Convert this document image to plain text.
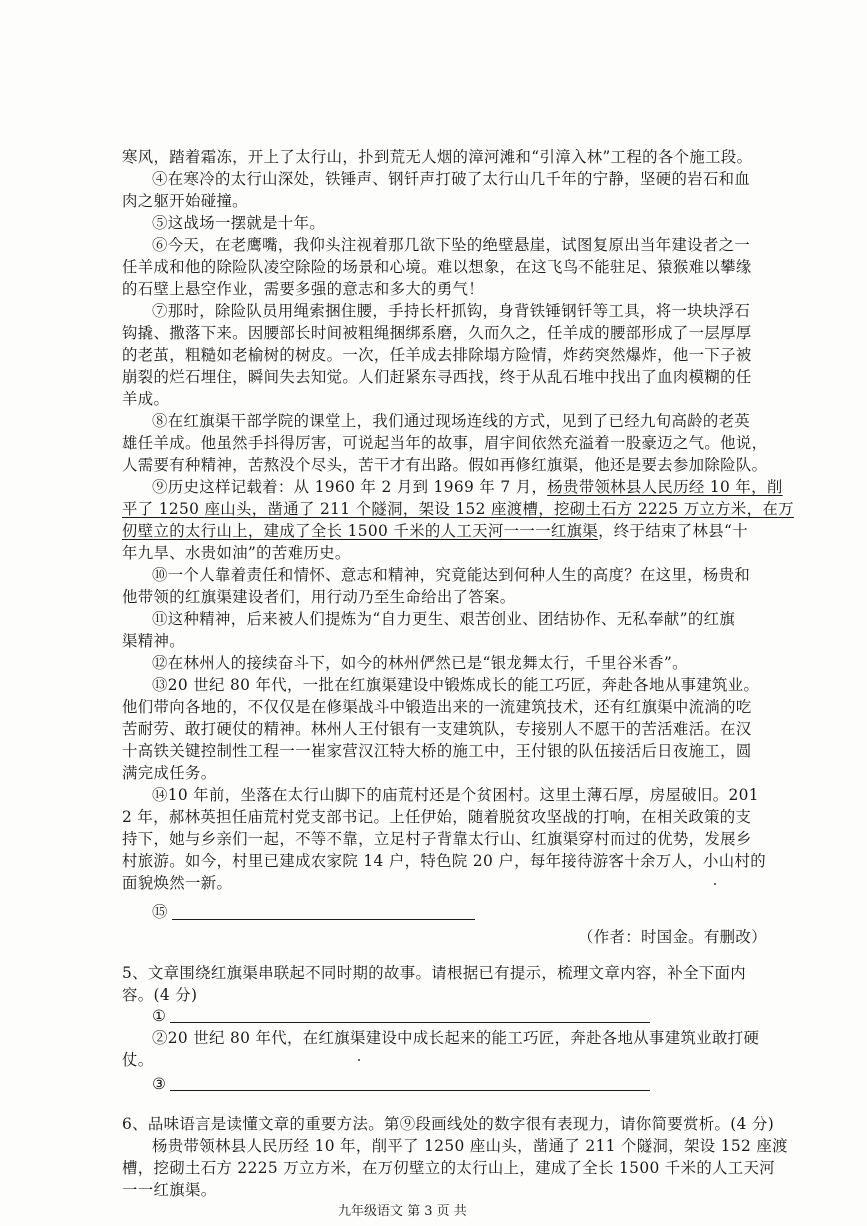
寒风，踏着霜冻，开上了太行山，扑到荒无人烟的漳河滩和“引漳入林”工程的各个施工段。
④在寒冷的太行山深处，铁锤声、钢钎声打破了太行山几千年的宁静，坚硬的岩石和血
肉之躯开始碰撞。
⑤这战场一摆就是十年。
⑥今天，在老鹰嘴，我仰头注视着那几欲下坠的绝壁悬崖，试图复原出当年建设者之一
任羊成和他的除险队凌空除险的场景和心境。难以想象，在这飞鸟不能驻足、猿猴难以攀缘
的石壁上悬空作业，需要多强的意志和多大的勇气！
⑦那时，除险队员用绳索捆住腰，手持长杆抓钩，身背铁锤钢钎等工具，将一块块浮石
钩撬、撒落下来。因腰部长时间被粗绳捆绑系磨，久而久之，任羊成的腰部形成了一层厚厚
的老茧，粗糙如老榆树的树皮。一次，任羊成去排除塌方险情，炸药突然爆炸，他一下子被
崩裂的烂石埋住，瞬间失去知觉。人们赶紧东寻西找，终于从乱石堆中找出了血肉模糊的任
羊成。
⑧在红旗渠干部学院的课堂上，我们通过现场连线的方式，见到了已经九旬高龄的老英
雄任羊成。他虽然手抖得厉害，可说起当年的故事，眉宇间依然充溢着一股豪迈之气。他说，
人需要有种精神，苦熬没个尽头，苦干才有出路。假如再修红旗渠，他还是要去参加除险队。
⑨历史这样记载着：从 1960 年 2 月到 1969 年 7 月，杨贵带领林县人民历经 10 年，削
平了 1250 座山头，凿通了 211 个隧洞，架设 152 座渡槽，挖砌土石方 2225 万立方米，在万
仞壁立的太行山上，建成了全长 1500 千米的人工天河一一一红旗渠，终于结束了林县“十
年九旱、水贵如油”的苦难历史。
⑩一个人靠着责任和情怀、意志和精神，究竟能达到何种人生的高度？在这里，杨贵和
他带领的红旗渠建设者们，用行动乃至生命给出了答案。
⑪这种精神，后来被人们提炼为“自力更生、艰苦创业、团结协作、无私奉献”的红旗
渠精神。
⑫在林州人的接续奋斗下，如今的林州俨然已是“银龙舞太行，千里谷米香”。
⑬20 世纪 80 年代，一批在红旗渠建设中锻炼成长的能工巧匠，奔赴各地从事建筑业。
他们带向各地的，不仅仅是在修渠战斗中锻造出来的一流建筑技术，还有红旗渠中流淌的吃
苦耐劳、敢打硬仗的精神。林州人王付银有一支建筑队，专接别人不愿干的苦活难活。在汉
十高铁关键控制性工程一一崔家营汉江特大桥的施工中，王付银的队伍接活后日夜施工，圆
满完成任务。
⑭10 年前，坐落在太行山脚下的庙荒村还是个贫困村。这里土薄石厚，房屋破旧。201
2 年，郝林英担任庙荒村党支部书记。上任伊始，随着脱贫攻坚战的打响，在相关政策的支
持下，她与乡亲们一起，不等不靠，立足村子背靠太行山、红旗渠穿村而过的优势，发展乡
村旅游。如今，村里已建成农家院 14 户，特色院 20 户，每年接待游客十余万人，小山村的
面貌焕然一新。
⑮
（作者：时国金。有删改）
5、文章围绕红旗渠串联起不同时期的故事。请根据已有提示，梳理文章内容，补全下面内
容。(4 分)
①
②20 世纪 80 年代，在红旗渠建设中成长起来的能工巧匠，奔赴各地从事建筑业敢打硬
仗。
③
6、品味语言是读懂文章的重要方法。第⑨段画线处的数字很有表现力，请你简要赏析。(4 分)
杨贵带领林县人民历经 10 年，削平了 1250 座山头，凿通了 211 个隧洞，架设 152 座渡
槽，挖砌土石方 2225 万立方米，在万仞壁立的太行山上，建成了全长 1500 千米的人工天河
一一红旗渠。
九年级语文 第 3 页 共
